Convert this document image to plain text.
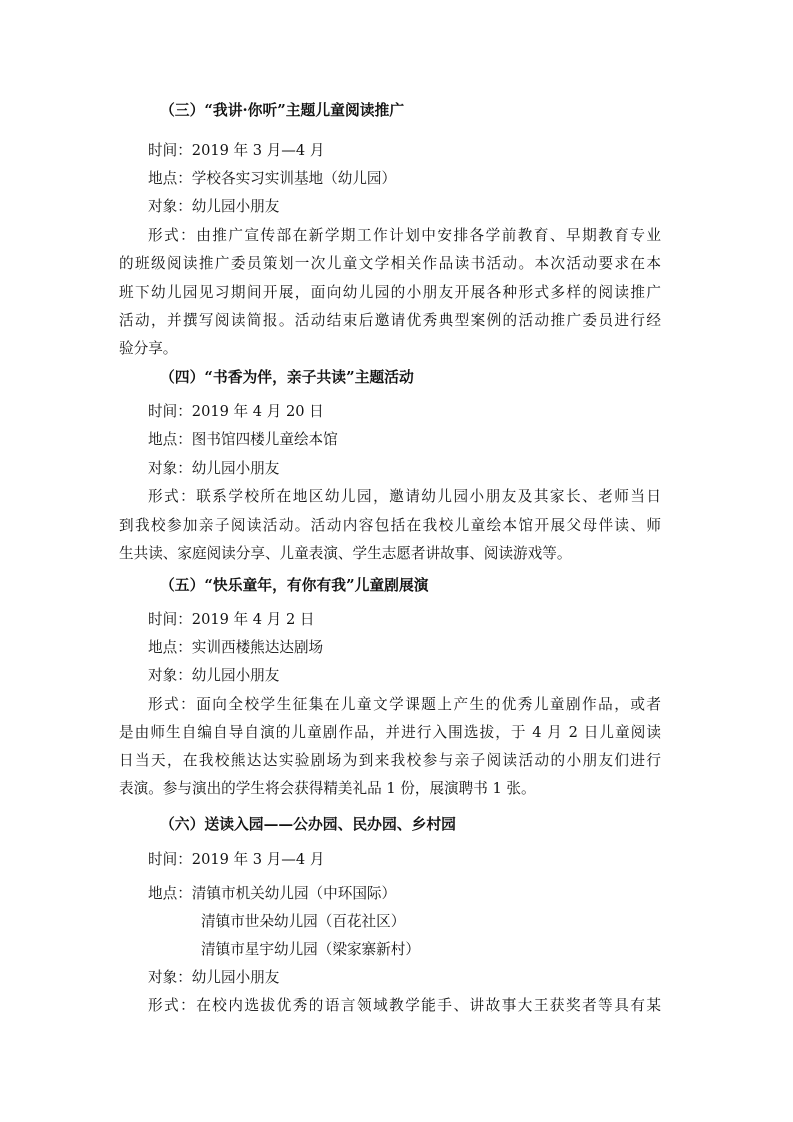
（三）“我讲·你听”主题儿童阅读推广
时间：2019 年 3 月—4 月
地点：学校各实习实训基地（幼儿园）
对象：幼儿园小朋友
形式：由推广宣传部在新学期工作计划中安排各学前教育、早期教育专业
的班级阅读推广委员策划一次儿童文学相关作品读书活动。本次活动要求在本
班下幼儿园见习期间开展，面向幼儿园的小朋友开展各种形式多样的阅读推广
活动，并撰写阅读简报。活动结束后邀请优秀典型案例的活动推广委员进行经
验分享。
（四）“书香为伴，亲子共读”主题活动
时间：2019 年 4 月 20 日
地点：图书馆四楼儿童绘本馆
对象：幼儿园小朋友
形式：联系学校所在地区幼儿园，邀请幼儿园小朋友及其家长、老师当日
到我校参加亲子阅读活动。活动内容包括在我校儿童绘本馆开展父母伴读、师
生共读、家庭阅读分享、儿童表演、学生志愿者讲故事、阅读游戏等。
（五）“快乐童年，有你有我”儿童剧展演
时间：2019 年 4 月 2 日
地点：实训西楼熊达达剧场
对象：幼儿园小朋友
形式：面向全校学生征集在儿童文学课题上产生的优秀儿童剧作品，或者
是由师生自编自导自演的儿童剧作品，并进行入围选拔，于 4 月 2 日儿童阅读
日当天，在我校熊达达实验剧场为到来我校参与亲子阅读活动的小朋友们进行
表演。参与演出的学生将会获得精美礼品 1 份，展演聘书 1 张。
（六）送读入园——公办园、民办园、乡村园
时间：2019 年 3 月—4 月
地点：清镇市机关幼儿园（中环国际）
清镇市世朵幼儿园（百花社区）
清镇市星宇幼儿园（梁家寨新村）
对象：幼儿园小朋友
形式：在校内选拔优秀的语言领域教学能手、讲故事大王获奖者等具有某
